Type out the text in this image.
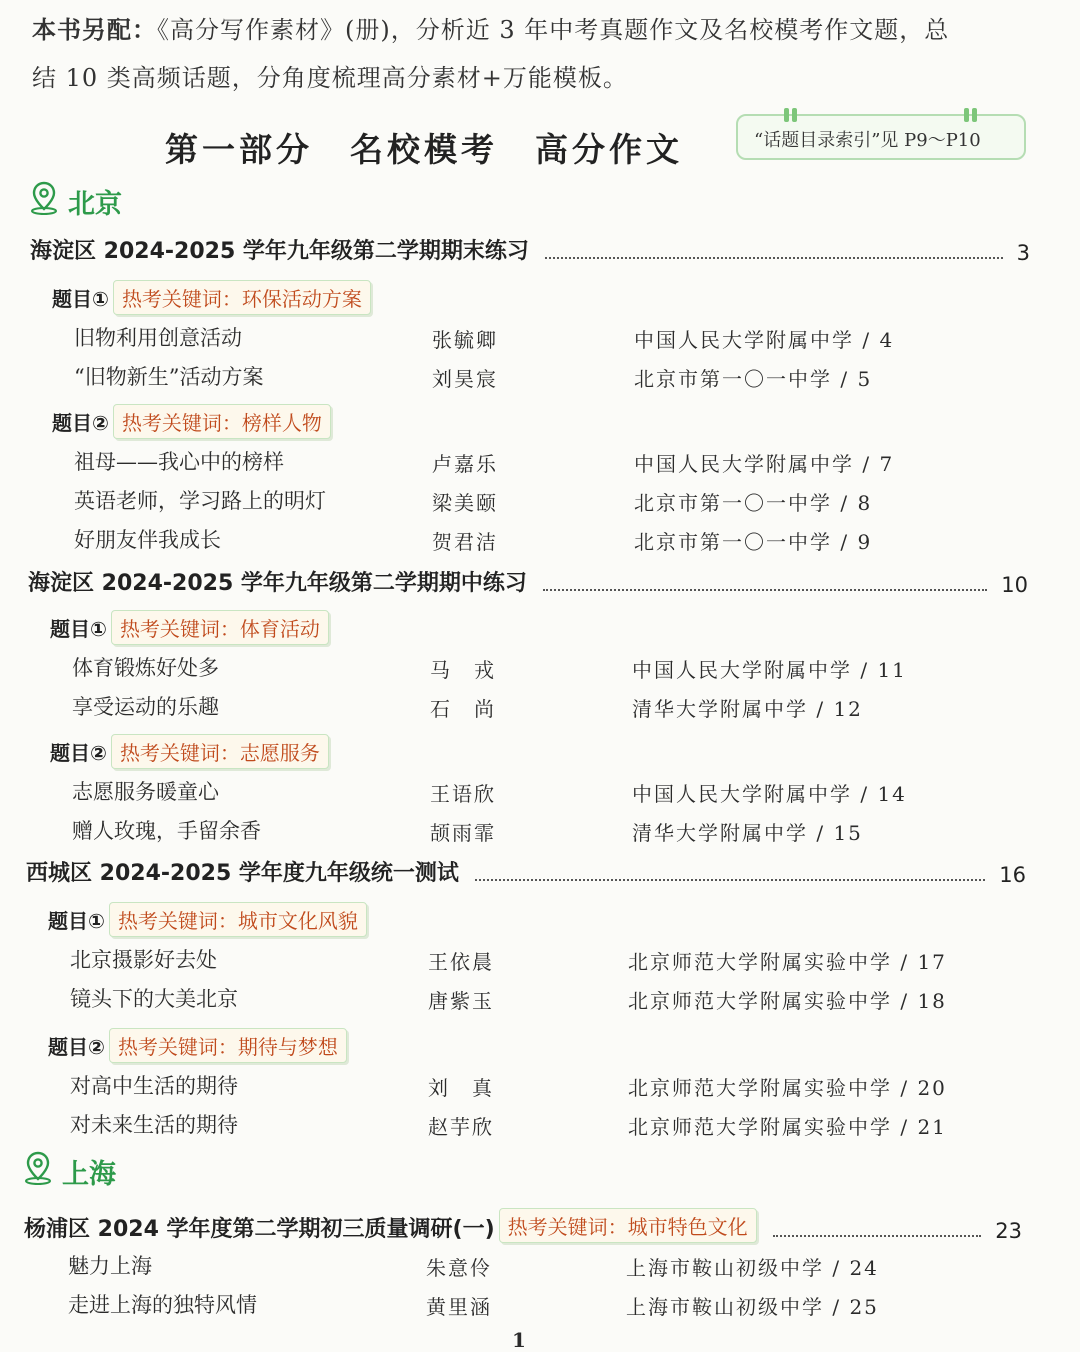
本书另配：《高分写作素材》(册)，分析近 3 年中考真题作文及名校模考作文题，总
结 10 类高频话题，分角度梳理高分素材+万能模板。
第一部分　名校模考　高分作文	“话题目录索引”见 P9～P10
北京
海淀区 2024-2025 学年九年级第二学期期末练习	3
题目① 热考关键词：环保活动方案
旧物利用创意活动	张毓卿	中国人民大学附属中学 / 4
“旧物新生”活动方案	刘昊宸	北京市第一〇一中学 / 5
题目② 热考关键词：榜样人物
祖母——我心中的榜样	卢嘉乐	中国人民大学附属中学 / 7
英语老师，学习路上的明灯	梁美颐	北京市第一〇一中学 / 8
好朋友伴我成长	贺君洁	北京市第一〇一中学 / 9
海淀区 2024-2025 学年九年级第二学期期中练习	10
题目① 热考关键词：体育活动
体育锻炼好处多	马　戎	中国人民大学附属中学 / 11
享受运动的乐趣	石　尚	清华大学附属中学 / 12
题目② 热考关键词：志愿服务
志愿服务暖童心	王语欣	中国人民大学附属中学 / 14
赠人玫瑰，手留余香	颉雨霏	清华大学附属中学 / 15
西城区 2024-2025 学年度九年级统一测试	16
题目① 热考关键词：城市文化风貌
北京摄影好去处	王依晨	北京师范大学附属实验中学 / 17
镜头下的大美北京	唐紫玉	北京师范大学附属实验中学 / 18
题目② 热考关键词：期待与梦想
对高中生活的期待	刘　真	北京师范大学附属实验中学 / 20
对未来生活的期待	赵芋欣	北京师范大学附属实验中学 / 21
上海
杨浦区 2024 学年度第二学期初三质量调研(一) 热考关键词：城市特色文化	23
魅力上海	朱意伶	上海市鞍山初级中学 / 24
走进上海的独特风情	黄里涵	上海市鞍山初级中学 / 25
1
